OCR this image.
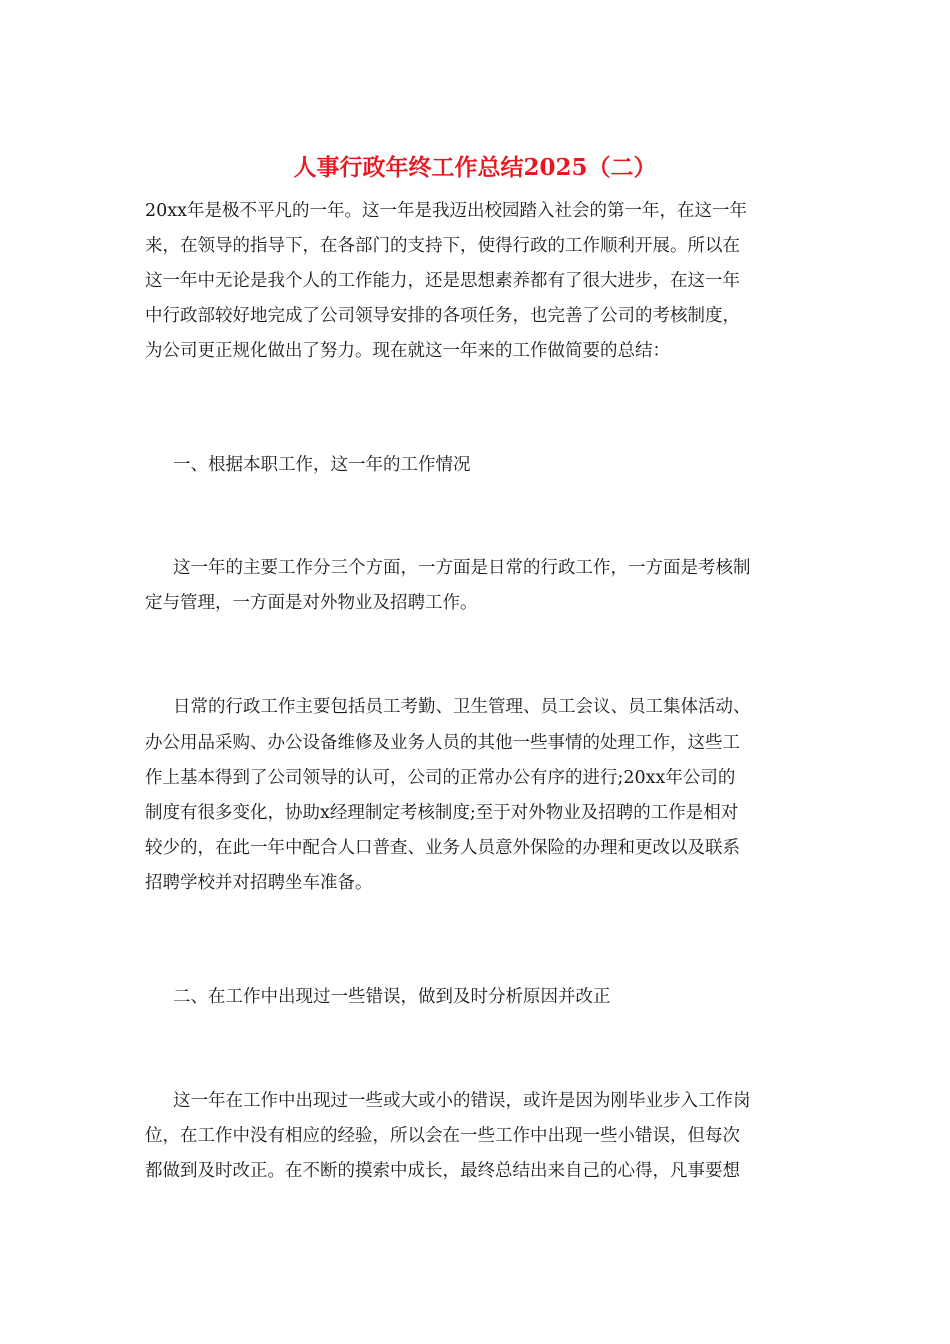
人事行政年终工作总结2025（二）

20xx年是极不平凡的一年。这一年是我迈出校园踏入社会的第一年，在这一年

来，在领导的指导下，在各部门的支持下，使得行政的工作顺利开展。所以在

这一年中无论是我个人的工作能力，还是思想素养都有了很大进步，在这一年

中行政部较好地完成了公司领导安排的各项任务，也完善了公司的考核制度，

为公司更正规化做出了努力。现在就这一年来的工作做简要的总结：

一、根据本职工作，这一年的工作情况

这一年的主要工作分三个方面，一方面是日常的行政工作，一方面是考核制

定与管理，一方面是对外物业及招聘工作。

日常的行政工作主要包括员工考勤、卫生管理、员工会议、员工集体活动、

办公用品采购、办公设备维修及业务人员的其他一些事情的处理工作，这些工

作上基本得到了公司领导的认可，公司的正常办公有序的进行;20xx年公司的

制度有很多变化，协助x经理制定考核制度;至于对外物业及招聘的工作是相对

较少的，在此一年中配合人口普查、业务人员意外保险的办理和更改以及联系

招聘学校并对招聘坐车准备。

二、在工作中出现过一些错误，做到及时分析原因并改正

这一年在工作中出现过一些或大或小的错误，或许是因为刚毕业步入工作岗

位，在工作中没有相应的经验，所以会在一些工作中出现一些小错误，但每次

都做到及时改正。在不断的摸索中成长，最终总结出来自己的心得，凡事要想
